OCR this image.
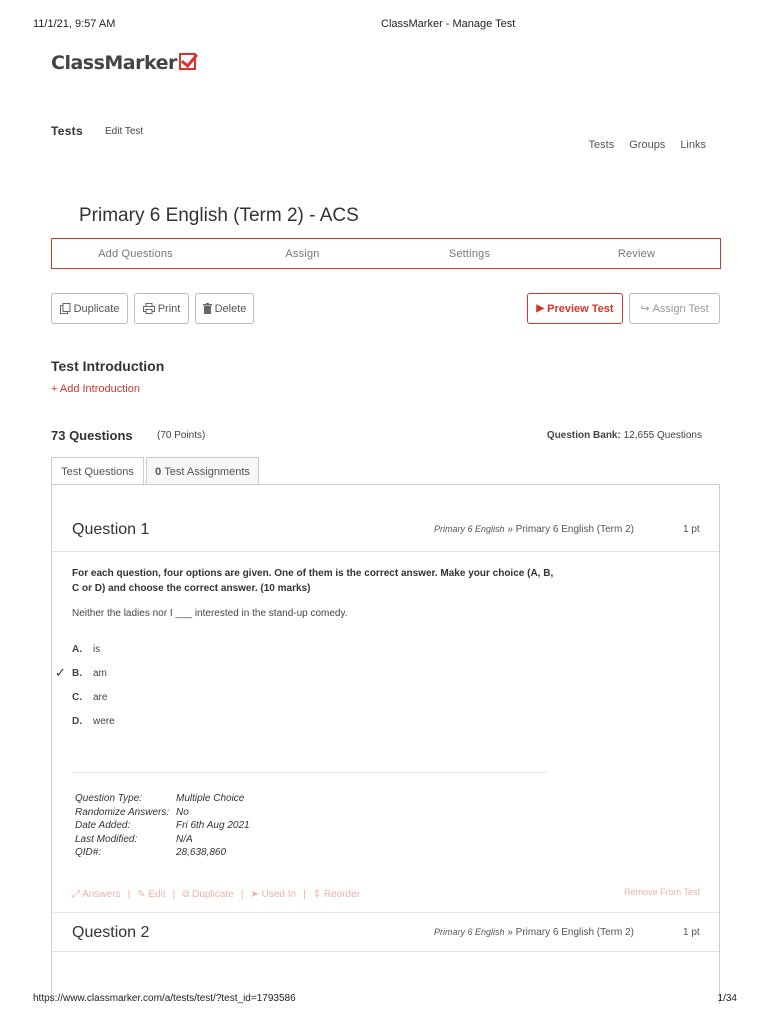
11/1/21, 9:57 AM	ClassMarker - Manage Test
ClassMarker
Tests Edit Test
Tests Groups Links
Primary 6 English (Term 2) - ACS
Add Questions	Assign	Settings	Review
Duplicate	Print	Delete	▶ Preview Test ↪ Assign Test
Test Introduction
+ Add Introduction
73 Questions (70 Points)	Question Bank: 12,655 Questions
Test Questions 0
Test Assignments
Question 1	Primary 6 English » Primary 6 English (Term 2)	1 pt
For each question, four options are given. One of them is the correct answer. Make your choice (A, B, C or D) and choose the correct answer. (10 marks)
Neither the ladies nor I ___ interested in the stand-up comedy.
A.	is
✓ B.	am
C.	are
D.	were
Question Type:	Multiple Choice
Randomize Answers: No
Date Added:	Fri 6th Aug 2021
Last Modified:	N/A
QID#:	28,638,860
⤢ Answers | ✎ Edit | ⧉ Duplicate | ➤ Used In | ⇕ Reorder	Remove From Test
Question 2	Primary 6 English » Primary 6 English (Term 2)	1 pt
https://www.classmarker.com/a/tests/test/?test_id=1793586	1/34
